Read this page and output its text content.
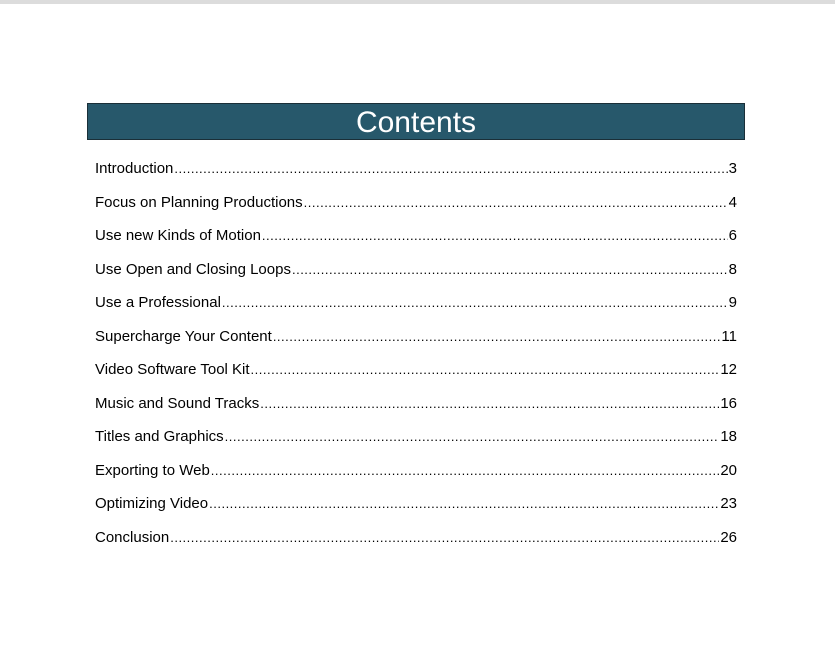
Contents
Introduction .....	3
Focus on Planning Productions .....	4
Use new Kinds of Motion .....	6
Use Open and Closing Loops .....	8
Use a Professional .....	9
Supercharge Your Content .....	11
Video Software Tool Kit .....	12
Music and Sound Tracks .....	16
Titles and Graphics .....	18
Exporting to Web .....	20
Optimizing Video .....	23
Conclusion .....	26
